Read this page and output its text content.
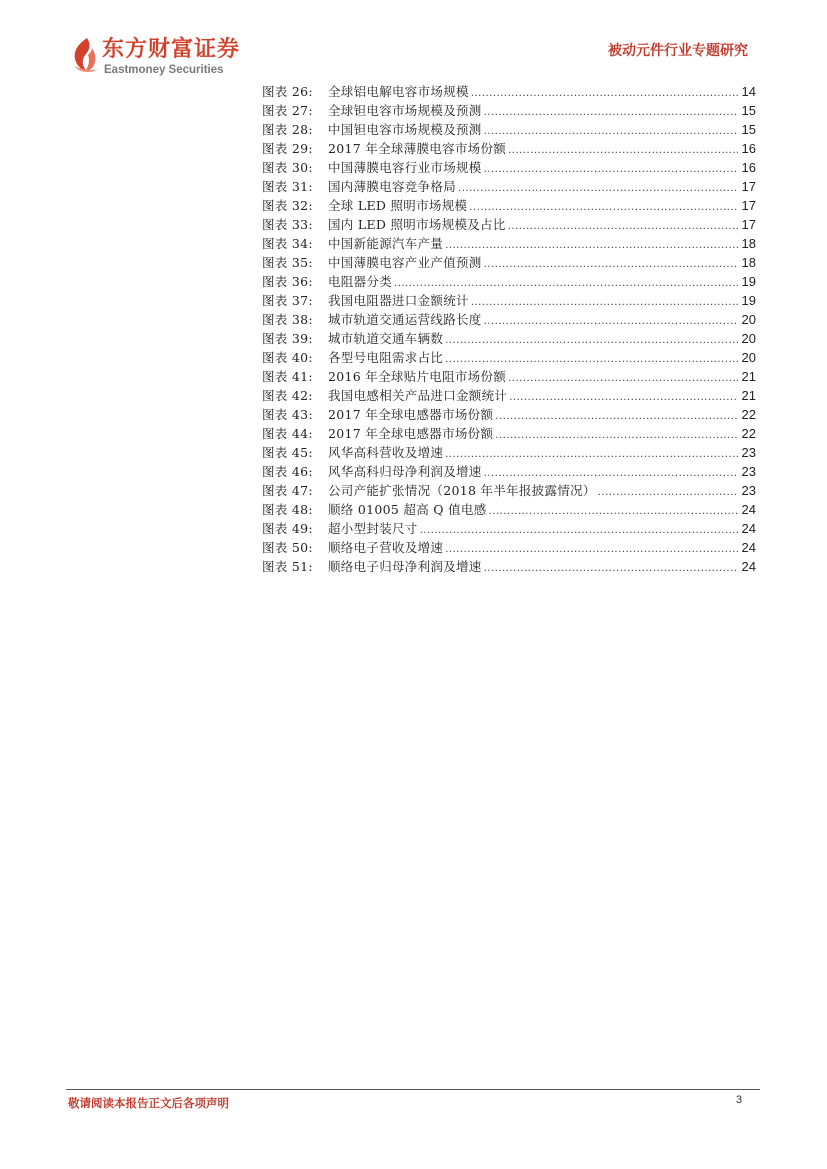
东方财富证券
Eastmoney Securities
被动元件行业专题研究
图表 26: 全球铝电解电容市场规模 .....	14
图表 27: 全球钽电容市场规模及预测 .....	15
图表 28: 中国钽电容市场规模及预测 .....	15
图表 29: 2017 年全球薄膜电容市场份额 .....	16
图表 30: 中国薄膜电容行业市场规模 .....	16
图表 31: 国内薄膜电容竞争格局 .....	17
图表 32: 全球 LED 照明市场规模 .....	17
图表 33: 国内 LED 照明市场规模及占比 .....	17
图表 34: 中国新能源汽车产量 .....	18
图表 35: 中国薄膜电容产业产值预测 .....	18
图表 36: 电阻器分类 .....	19
图表 37: 我国电阻器进口金额统计 .....	19
图表 38: 城市轨道交通运营线路长度 .....	20
图表 39: 城市轨道交通车辆数 .....	20
图表 40: 各型号电阻需求占比 .....	20
图表 41: 2016 年全球贴片电阻市场份额 .....	21
图表 42: 我国电感相关产品进口金额统计 .....	21
图表 43: 2017 年全球电感器市场份额 .....	22
图表 44: 2017 年全球电感器市场份额 .....	22
图表 45: 风华高科营收及增速 .....	23
图表 46: 风华高科归母净利润及增速 .....	23
图表 47: 公司产能扩张情况（2018 年半年报披露情况） .....	23
图表 48: 顺络 01005 超高 Q 值电感 .....	24
图表 49: 超小型封装尺寸 .....	24
图表 50: 顺络电子营收及增速 .....	24
图表 51: 顺络电子归母净利润及增速 .....	24
敬请阅读本报告正文后各项声明	3
